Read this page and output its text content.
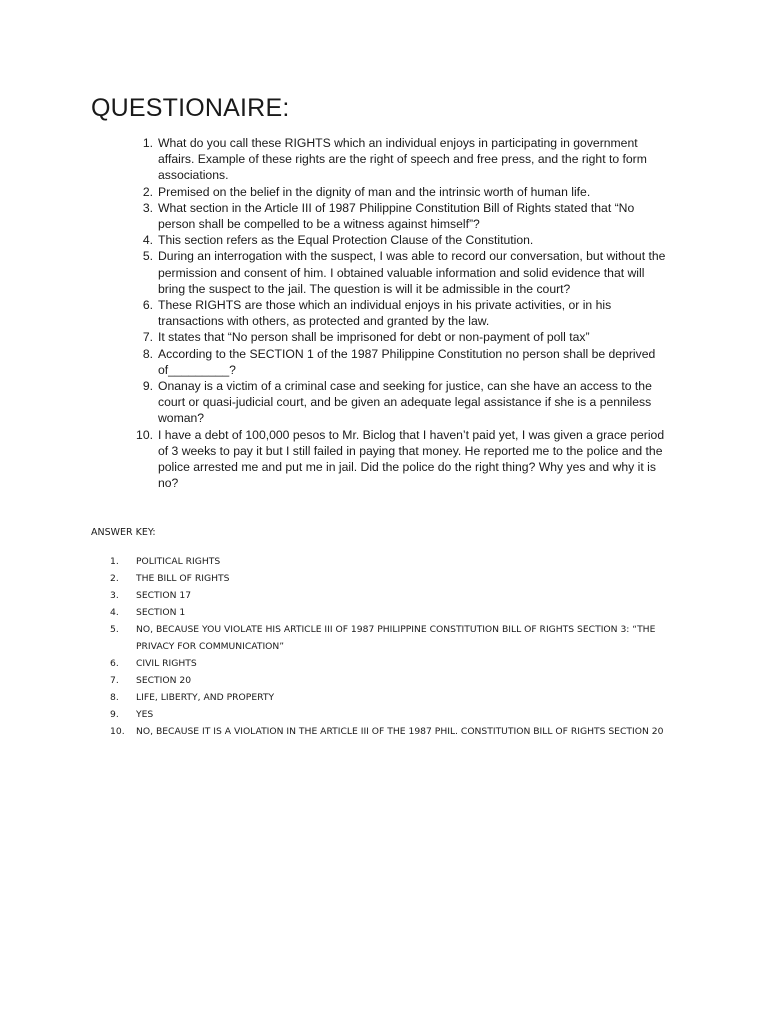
QUESTIONAIRE:
1. What do you call these RIGHTS which an individual enjoys in participating in government affairs. Example of these rights are the right of speech and free press, and the right to form associations.
2. Premised on the belief in the dignity of man and the intrinsic worth of human life.
3. What section in the Article III of 1987 Philippine Constitution Bill of Rights stated that “No person shall be compelled to be a witness against himself”?
4. This section refers as the Equal Protection Clause of the Constitution.
5. During an interrogation with the suspect, I was able to record our conversation, but without the permission and consent of him. I obtained valuable information and solid evidence that will bring the suspect to the jail. The question is will it be admissible in the court?
6. These RIGHTS are those which an individual enjoys in his private activities, or in his transactions with others, as protected and granted by the law.
7. It states that “No person shall be imprisoned for debt or non-payment of poll tax”
8. According to the SECTION 1 of the 1987 Philippine Constitution no person shall be deprived of_________?
9. Onanay is a victim of a criminal case and seeking for justice, can she have an access to the court or quasi-judicial court, and be given an adequate legal assistance if she is a penniless woman?
10. I have a debt of 100,000 pesos to Mr. Biclog that I haven’t paid yet, I was given a grace period of 3 weeks to pay it but I still failed in paying that money. He reported me to the police and the police arrested me and put me in jail. Did the police do the right thing? Why yes and why it is no?

ANSWER KEY:

1.	POLITICAL RIGHTS
2.	THE BILL OF RIGHTS
3.	SECTION 17
4.	SECTION 1
5.	NO, BECAUSE YOU VIOLATE HIS ARTICLE III OF 1987 PHILIPPINE CONSTITUTION BILL OF RIGHTS SECTION 3: “THE PRIVACY FOR COMMUNICATION”
6.	CIVIL RIGHTS
7.	SECTION 20
8.	LIFE, LIBERTY, AND PROPERTY
9.	YES
10.	NO, BECAUSE IT IS A VIOLATION IN THE ARTICLE III OF THE 1987 PHIL. CONSTITUTION BILL OF RIGHTS SECTION 20
